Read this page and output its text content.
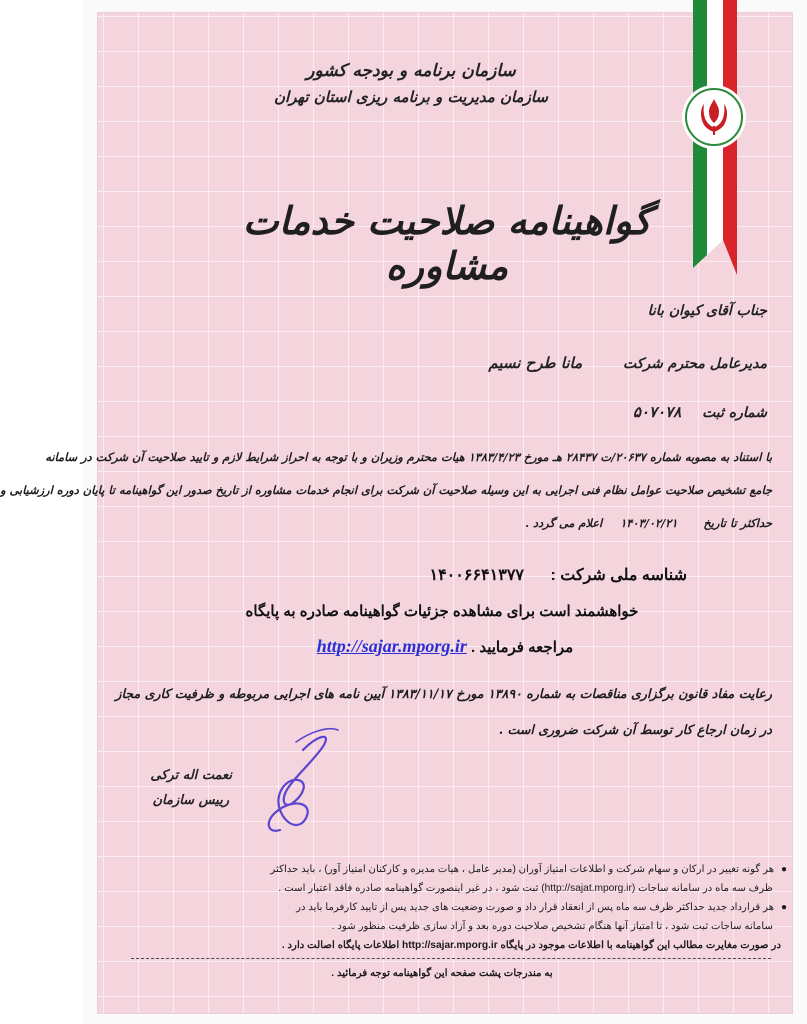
سازمان برنامه و بودجه کشور
سازمان مدیریت و برنامه ریزی استان تهران
گواهینامه صلاحیت خدمات مشاوره
جناب آقای کیوان بانا
مدیرعامل محترم شرکت مانا طرح نسیم
شماره ثبت ۵۰۷۰۷۸
با استناد به مصوبه شماره ۲۰۶۳۷/ت ۲۸۴۳۷ هـ مورخ ۱۳۸۳/۴/۲۳ هیات محترم وزیران و با توجه به احراز شرایط لازم و تایید صلاحیت آن شرکت در سامانه
جامع تشخیص صلاحیت عوامل نظام فنی اجرایی به این وسیله صلاحیت آن شرکت برای انجام خدمات مشاوره از تاریخ صدور این گواهینامه تا پایان دوره ارزشیابی و
حداکثر تا تاریخ ۱۴۰۳/۰۲/۲۱ اعلام می گردد .
شناسه ملی شرکت : ۱۴۰۰۶۶۴۱۳۷۷
خواهشمند است برای مشاهده جزئیات گواهینامه صادره به پایگاه
مراجعه فرمایید . http://sajar.mporg.ir
رعایت مفاد قانون برگزاری مناقصات به شماره ۱۳۸۹۰ مورخ ۱۳۸۳/۱۱/۱۷ آیین نامه های اجرایی مربوطه و ظرفیت کاری مجاز
در زمان ارجاع کار توسط آن شرکت ضروری است .
نعمت اله ترکی
رییس سازمان
● هر گونه تغییر در ارکان و سهام شرکت و اطلاعات امتیاز آوران (مدیر عامل ، هیات مدیره و کارکنان امتیاز آور) ، باید حداکثر
ظرف سه ماه در سامانه ساجات (http://sajat.mporg.ir) ثبت شود ، در غیر اینصورت گواهینامه صادره فاقد اعتبار است .
● هر قرارداد جدید حداکثر ظرف سه ماه پس از انعقاد قرار داد و صورت وضعیت های جدید پس از تایید کارفرما باید در
سامانه ساجات ثبت شود ، تا امتیاز آنها هنگام تشخیص صلاحیت دوره بعد و آزاد سازی ظرفیت منظور شود .
در صورت مغایرت مطالب این گواهینامه با اطلاعات موجود در پایگاه http://sajar.mporg.ir اطلاعات پایگاه اصالت دارد .
به مندرجات پشت صفحه این گواهینامه توجه فرمائید .
